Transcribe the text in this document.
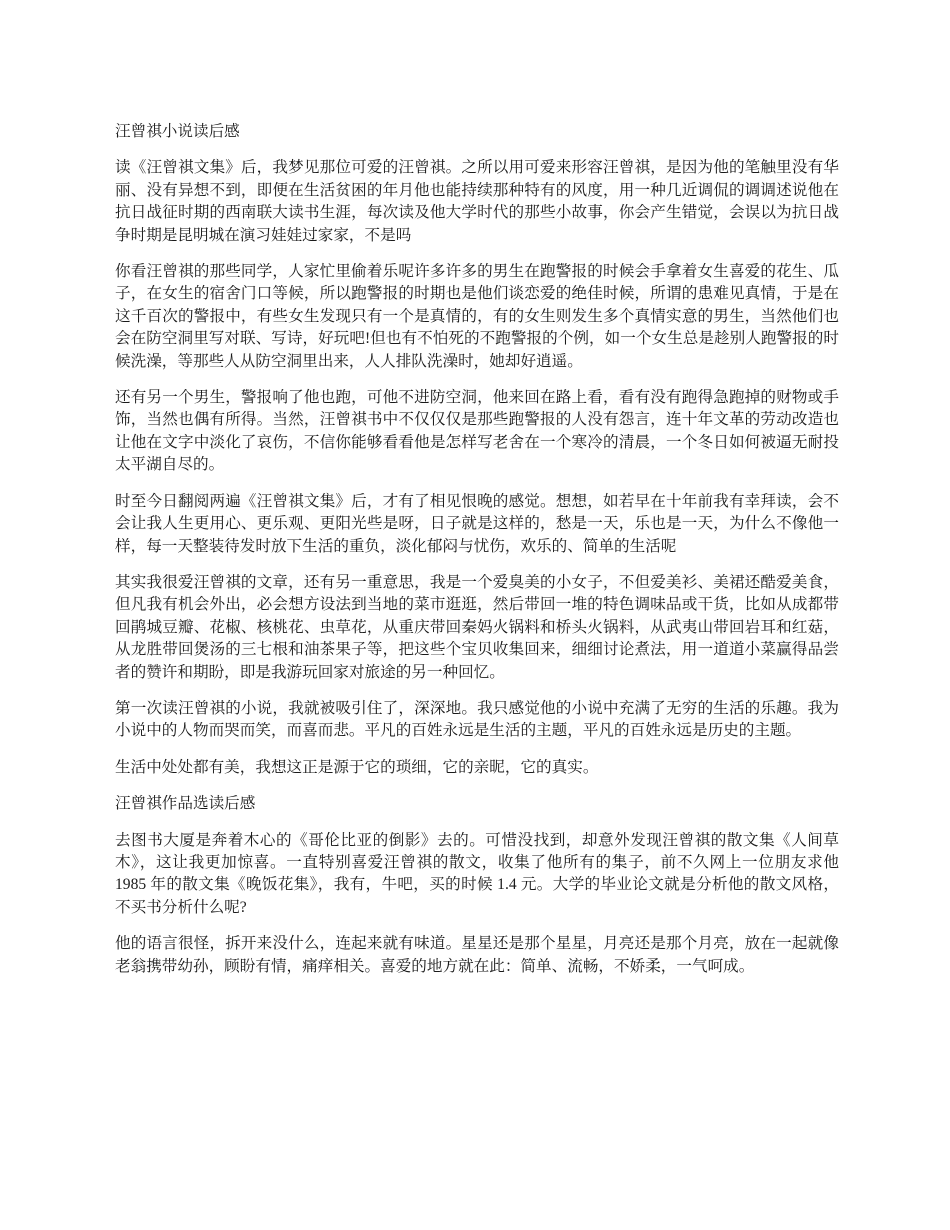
汪曾祺小说读后感

读《汪曾祺文集》后，我梦见那位可爱的汪曾祺。之所以用可爱来形容汪曾祺，是因为他的笔触里没有华丽、没有异想不到，即便在生活贫困的年月他也能持续那种特有的风度，用一种几近调侃的调调述说他在抗日战征时期的西南联大读书生涯，每次读及他大学时代的那些小故事，你会产生错觉，会误以为抗日战争时期是昆明城在演习娃娃过家家，不是吗

你看汪曾祺的那些同学，人家忙里偷着乐呢许多许多的男生在跑警报的时候会手拿着女生喜爱的花生、瓜子，在女生的宿舍门口等候，所以跑警报的时期也是他们谈恋爱的绝佳时候，所谓的患难见真情，于是在这千百次的警报中，有些女生发现只有一个是真情的，有的女生则发生多个真情实意的男生，当然他们也会在防空洞里写对联、写诗，好玩吧!但也有不怕死的不跑警报的个例，如一个女生总是趁别人跑警报的时候洗澡，等那些人从防空洞里出来，人人排队洗澡时，她却好逍遥。

还有另一个男生，警报响了他也跑，可他不进防空洞，他来回在路上看，看有没有跑得急跑掉的财物或手饰，当然也偶有所得。当然，汪曾祺书中不仅仅仅是那些跑警报的人没有怨言，连十年文革的劳动改造也让他在文字中淡化了哀伤，不信你能够看看他是怎样写老舍在一个寒冷的清晨，一个冬日如何被逼无耐投太平湖自尽的。

时至今日翻阅两遍《汪曾祺文集》后，才有了相见恨晚的感觉。想想，如若早在十年前我有幸拜读，会不会让我人生更用心、更乐观、更阳光些是呀，日子就是这样的，愁是一天，乐也是一天，为什么不像他一样，每一天整装待发时放下生活的重负，淡化郁闷与忧伤，欢乐的、简单的生活呢

其实我很爱汪曾祺的文章，还有另一重意思，我是一个爱臭美的小女子，不但爱美衫、美裙还酷爱美食，但凡我有机会外出，必会想方设法到当地的菜市逛逛，然后带回一堆的特色调味品或干货，比如从成都带回鹃城豆瓣、花椒、核桃花、虫草花，从重庆带回秦妈火锅料和桥头火锅料，从武夷山带回岩耳和红菇，从龙胜带回煲汤的三七根和油茶果子等，把这些个宝贝收集回来，细细讨论煮法，用一道道小菜赢得品尝者的赞许和期盼，即是我游玩回家对旅途的另一种回忆。

第一次读汪曾祺的小说，我就被吸引住了，深深地。我只感觉他的小说中充满了无穷的生活的乐趣。我为小说中的人物而哭而笑，而喜而悲。平凡的百姓永远是生活的主题，平凡的百姓永远是历史的主题。

生活中处处都有美，我想这正是源于它的琐细，它的亲昵，它的真实。

汪曾祺作品选读后感

去图书大厦是奔着木心的《哥伦比亚的倒影》去的。可惜没找到，却意外发现汪曾祺的散文集《人间草木》，这让我更加惊喜。一直特别喜爱汪曾祺的散文，收集了他所有的集子，前不久网上一位朋友求他 1985 年的散文集《晚饭花集》，我有，牛吧，买的时候 1.4 元。大学的毕业论文就是分析他的散文风格，不买书分析什么呢?

他的语言很怪，拆开来没什么，连起来就有味道。星星还是那个星星，月亮还是那个月亮，放在一起就像老翁携带幼孙，顾盼有情，痛痒相关。喜爱的地方就在此：简单、流畅，不娇柔，一气呵成。
